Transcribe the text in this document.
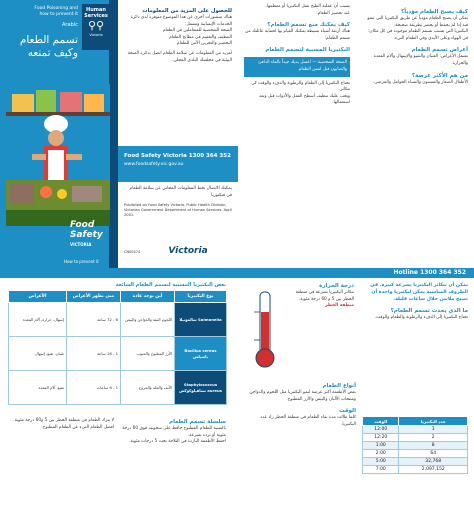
Food Poisoning and how to prevent it
Arabic
Human Services
⚲⚲
Victoria
تسمم الطعام وكيف تمنعه
Food Safety
VICTORIA
How to prevent it
للحصول على المزيد من المعلومات
هناك منشورات أخرى عن هذا الموضوع متوفرة لدى دائرة الخدمات الإنسانية وتشمل:
الصحة الشخصية للمتعاملين في الطعام
التنظيف والتعقيم في مطابخ الطعام
التحضير والتخزين الآمن للطعام
لمزيد من المعلومات عن سلامة الطعام اتصل بدائرة الصحة البيئية في مجلسك البلدي المحلي.
Food Safety Victoria 1300 364 352
www.foodsafety.vic.gov.au
يمكنك الاتصال بخط المعلومات المجاني عن سلامة الطعام في فيكتوريا
Published on Food Safety Victoria, Public Health Division, Victorian Government Department of Human Services. April 2001.
CN00474	Victoria
يسبب أن عملية الطبخ تقتل البكتيريا أو معظمها.
عند تحضير الطعام:
كيف يمكنك منع تسمم الطعام؟
هناك أربعة أشياء بسيطة يمكنك القيام بها لحماية عائلتك من تسمم الطعام:
البكتيريا المسببة لتسمم الطعام
الصحة الشخصية — اغسل يديك جيداً بالماء الدافئ والصابون قبل لمس الطعام
تحتاج البكتيريا إلى الطعام والرطوبة والدفء والوقت كي تتكاثر.
ويجب عليك تنظيف أسطح العمل والأدوات قبل وبعد استعمالها.
كيف يصبح الطعام مؤذياً؟
يمكن أن يصبح الطعام مؤذياً عن طريق البكتيريا التي تنمو فيه إذا لم يحفظ أو يحضر بطريقة صحيحة.
البكتيريا التي تسبب تسمم الطعام موجودة في كل مكان: في الهواء وعلى الأيدي وفي الطعام النيء.
أعراض تسمم الطعام
تشمل الأعراض: الغثيان والتقيؤ والإسهال وآلام المعدة والحرارة.
من هم الأكثر عرضة؟
الأطفال الصغار والمسنون والنساء الحوامل والمرضى.
Hotline 1300 364 352
بعض البكتيريا المسببة لتسمم الطعام الشائعة
الأعراض	متى تظهر الأعراض	أين توجد عادة	نوع البكتيريا
إسهال، حرارة، آلام المعدة	6 - 72 ساعة	اللحوم النيئة والدواجن والبيض	Salmonella سالمونيلا
غثيان، تقيؤ، إسهال	1 - 16 ساعة	الأرز المطبوخ والحبوب	Bacillus cereus باسيلس
تقيؤ، آلام المعدة	1 - 6 ساعات	الأنف والجلد والجروح	Staphylococcus aureus ستافيلوكوكس
لا تترك الطعام في منطقة الخطر بين 5 و60 درجة مئوية.
افصل الطعام النيء عن الطعام المطبوخ.
سلسلة تسمم الطعام
بالنسبة للطعام المطبوخ حافظ على سخونته فوق 60 درجة مئوية أو برده بسرعة.
احفظ الأطعمة الباردة في الثلاجة تحت 5 درجات مئوية.
درجة الحرارة
تتكاثر البكتيريا بسرعة في منطقة الخطر بين 5 و 60 درجة مئوية.
منطقة الخطر
أنواع الطعام
بعض الأطعمة أكثر عرضة لنمو البكتيريا مثل اللحوم والدواجن ومنتجات الألبان والبيض والأرز المطبوخ.
الوقت
كلما طالت مدة بقاء الطعام في منطقة الخطر زاد عدد البكتيريا.
يمكن أن تتكاثر البكتيريا بسرعة كبيرة. في الظروف المناسبة يمكن لبكتيريا واحدة أن تصبح ملايين خلال ساعات قليلة.
ما الذي يحدث تسمم الطعام؟
تحتاج البكتيريا إلى الدفء والرطوبة والطعام والوقت.
الوقت	عدد البكتيريا
12:00	1
12:20	2
1:00	8
2:00	64
5:00	32,768
7:00	2,097,152
